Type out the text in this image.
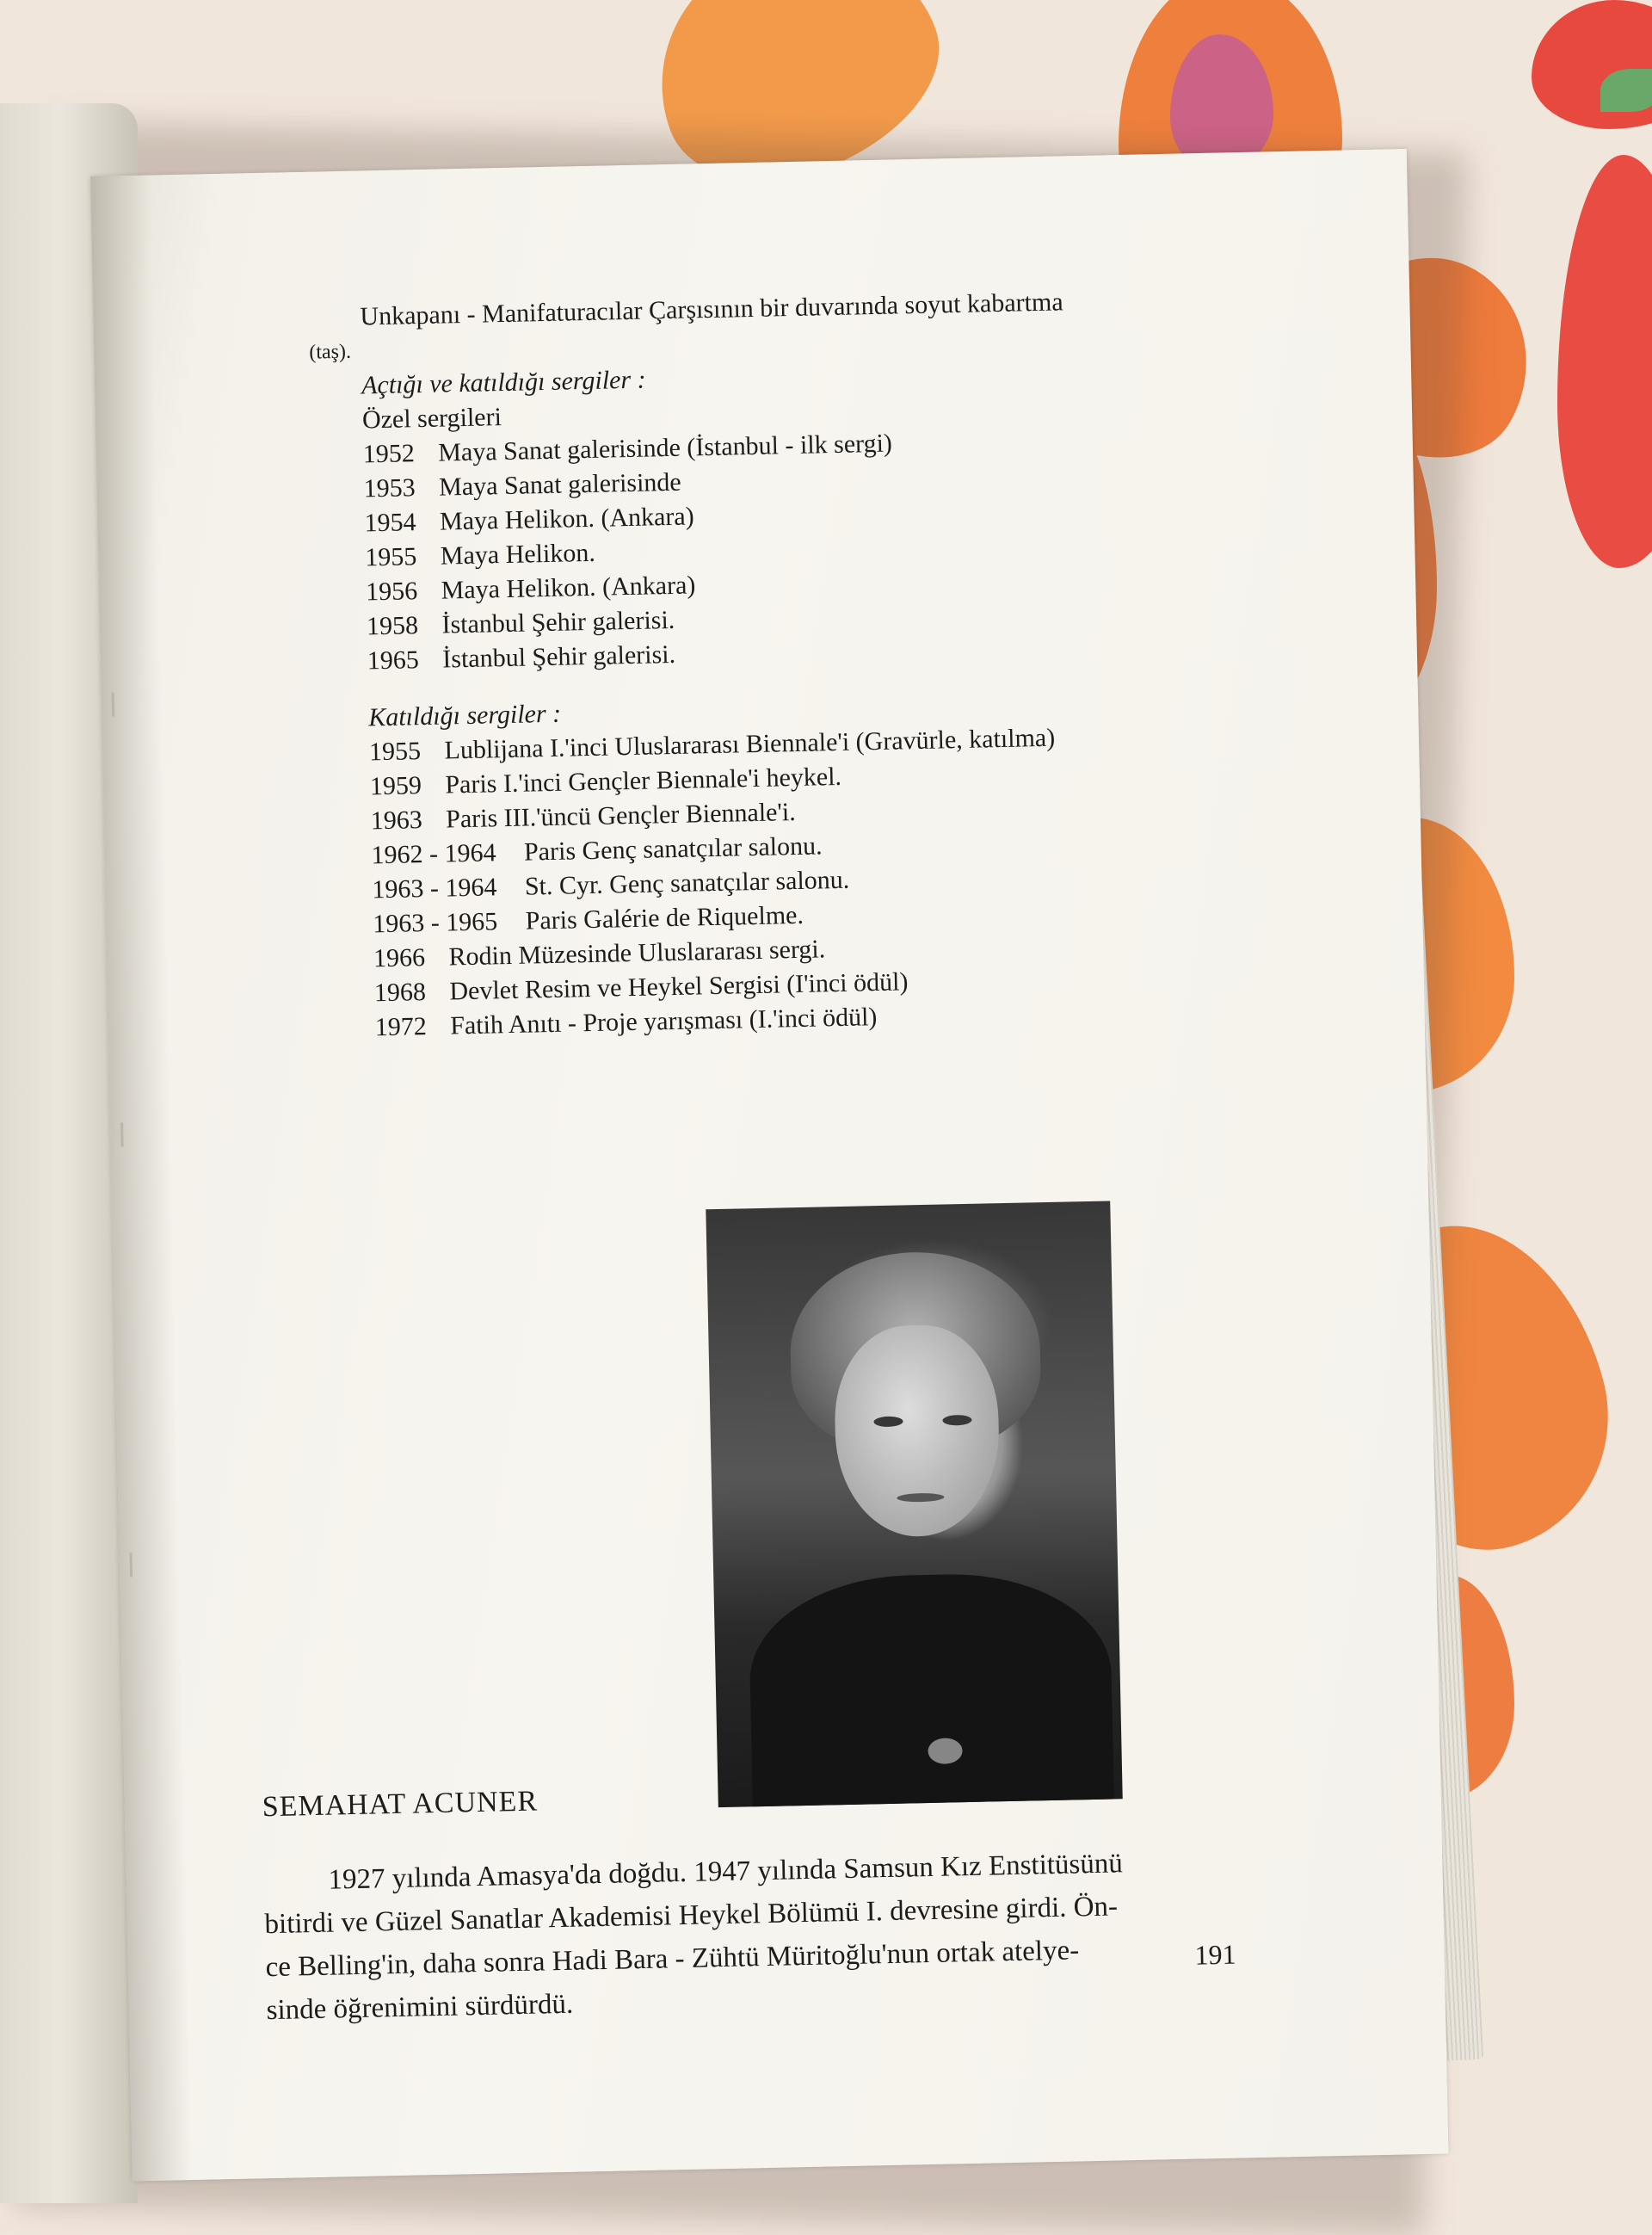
Unkapanı - Manifaturacılar Çarşısının bir duvarında soyut kabartma
(taş).
Açtığı ve katıldığı sergiler :
Özel sergileri
1952 Maya Sanat galerisinde (İstanbul - ilk sergi)
1953 Maya Sanat galerisinde
1954 Maya Helikon. (Ankara)
1955 Maya Helikon.
1956 Maya Helikon. (Ankara)
1958 İstanbul Şehir galerisi.
1965 İstanbul Şehir galerisi.
Katıldığı sergiler :
1955 Lublijana I.'inci Uluslararası Biennale'i (Gravürle, katılma)
1959 Paris I.'inci Gençler Biennale'i heykel.
1963 Paris III.'üncü Gençler Biennale'i.
1962 - 1964 Paris Genç sanatçılar salonu.
1963 - 1964 St. Cyr. Genç sanatçılar salonu.
1963 - 1965 Paris Galérie de Riquelme.
1966 Rodin Müzesinde Uluslararası sergi.
1968 Devlet Resim ve Heykel Sergisi (I'inci ödül)
1972 Fatih Anıtı - Proje yarışması (I.'inci ödül)
SEMAHAT ACUNER
1927 yılında Amasya'da doğdu. 1947 yılında Samsun Kız Enstitüsünü
bitirdi ve Güzel Sanatlar Akademisi Heykel Bölümü I. devresine girdi. Ön-
ce Belling'in, daha sonra Hadi Bara - Zühtü Müritoğlu'nun ortak atelye-
sinde öğrenimini sürdürdü.
191
